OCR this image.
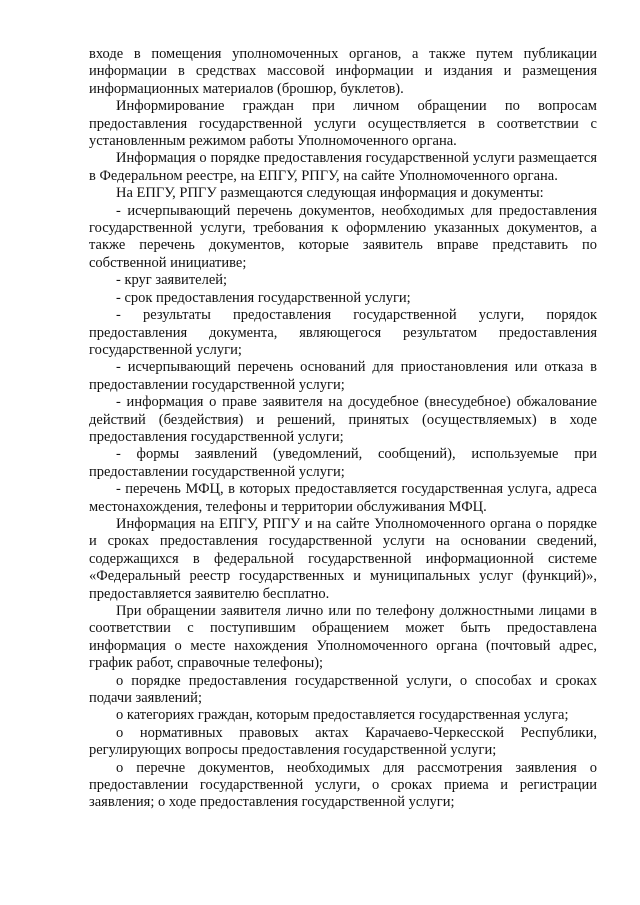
входе в помещения уполномоченных органов, а также путем публикации информации в средствах массовой информации и издания и размещения информационных материалов (брошюр, буклетов).

Информирование граждан при личном обращении по вопросам предоставления государственной услуги осуществляется в соответствии с установленным режимом работы Уполномоченного органа.

Информация о порядке предоставления государственной услуги размещается в Федеральном реестре, на ЕПГУ, РПГУ, на сайте Уполномоченного органа.

На ЕПГУ, РПГУ размещаются следующая информация и документы:

- исчерпывающий перечень документов, необходимых для предоставления государственной услуги, требования к оформлению указанных документов, а также перечень документов, которые заявитель вправе представить по собственной инициативе;

- круг заявителей;

- срок предоставления государственной услуги;

- результаты предоставления государственной услуги, порядок предоставления документа, являющегося результатом предоставления государственной услуги;

- исчерпывающий перечень оснований для приостановления или отказа в предоставлении государственной услуги;

- информация о праве заявителя на досудебное (внесудебное) обжалование действий (бездействия) и решений, принятых (осуществляемых) в ходе предоставления государственной услуги;

- формы заявлений (уведомлений, сообщений), используемые при предоставлении государственной услуги;

- перечень МФЦ, в которых предоставляется государственная услуга, адреса местонахождения, телефоны и территории обслуживания МФЦ.

Информация на ЕПГУ, РПГУ и на сайте Уполномоченного органа о порядке и сроках предоставления государственной услуги на основании сведений, содержащихся в федеральной государственной информационной системе «Федеральный реестр государственных и муниципальных услуг (функций)», предоставляется заявителю бесплатно.

При обращении заявителя лично или по телефону должностными лицами в соответствии с поступившим обращением может быть предоставлена информация о месте нахождения Уполномоченного органа (почтовый адрес, график работ, справочные телефоны);

о порядке предоставления государственной услуги, о способах и сроках подачи заявлений;

о категориях граждан, которым предоставляется государственная услуга;

о нормативных правовых актах Карачаево-Черкесской Республики, регулирующих вопросы предоставления государственной услуги;

о перечне документов, необходимых для рассмотрения заявления о предоставлении государственной услуги, о сроках приема и регистрации заявления; о ходе предоставления государственной услуги;
